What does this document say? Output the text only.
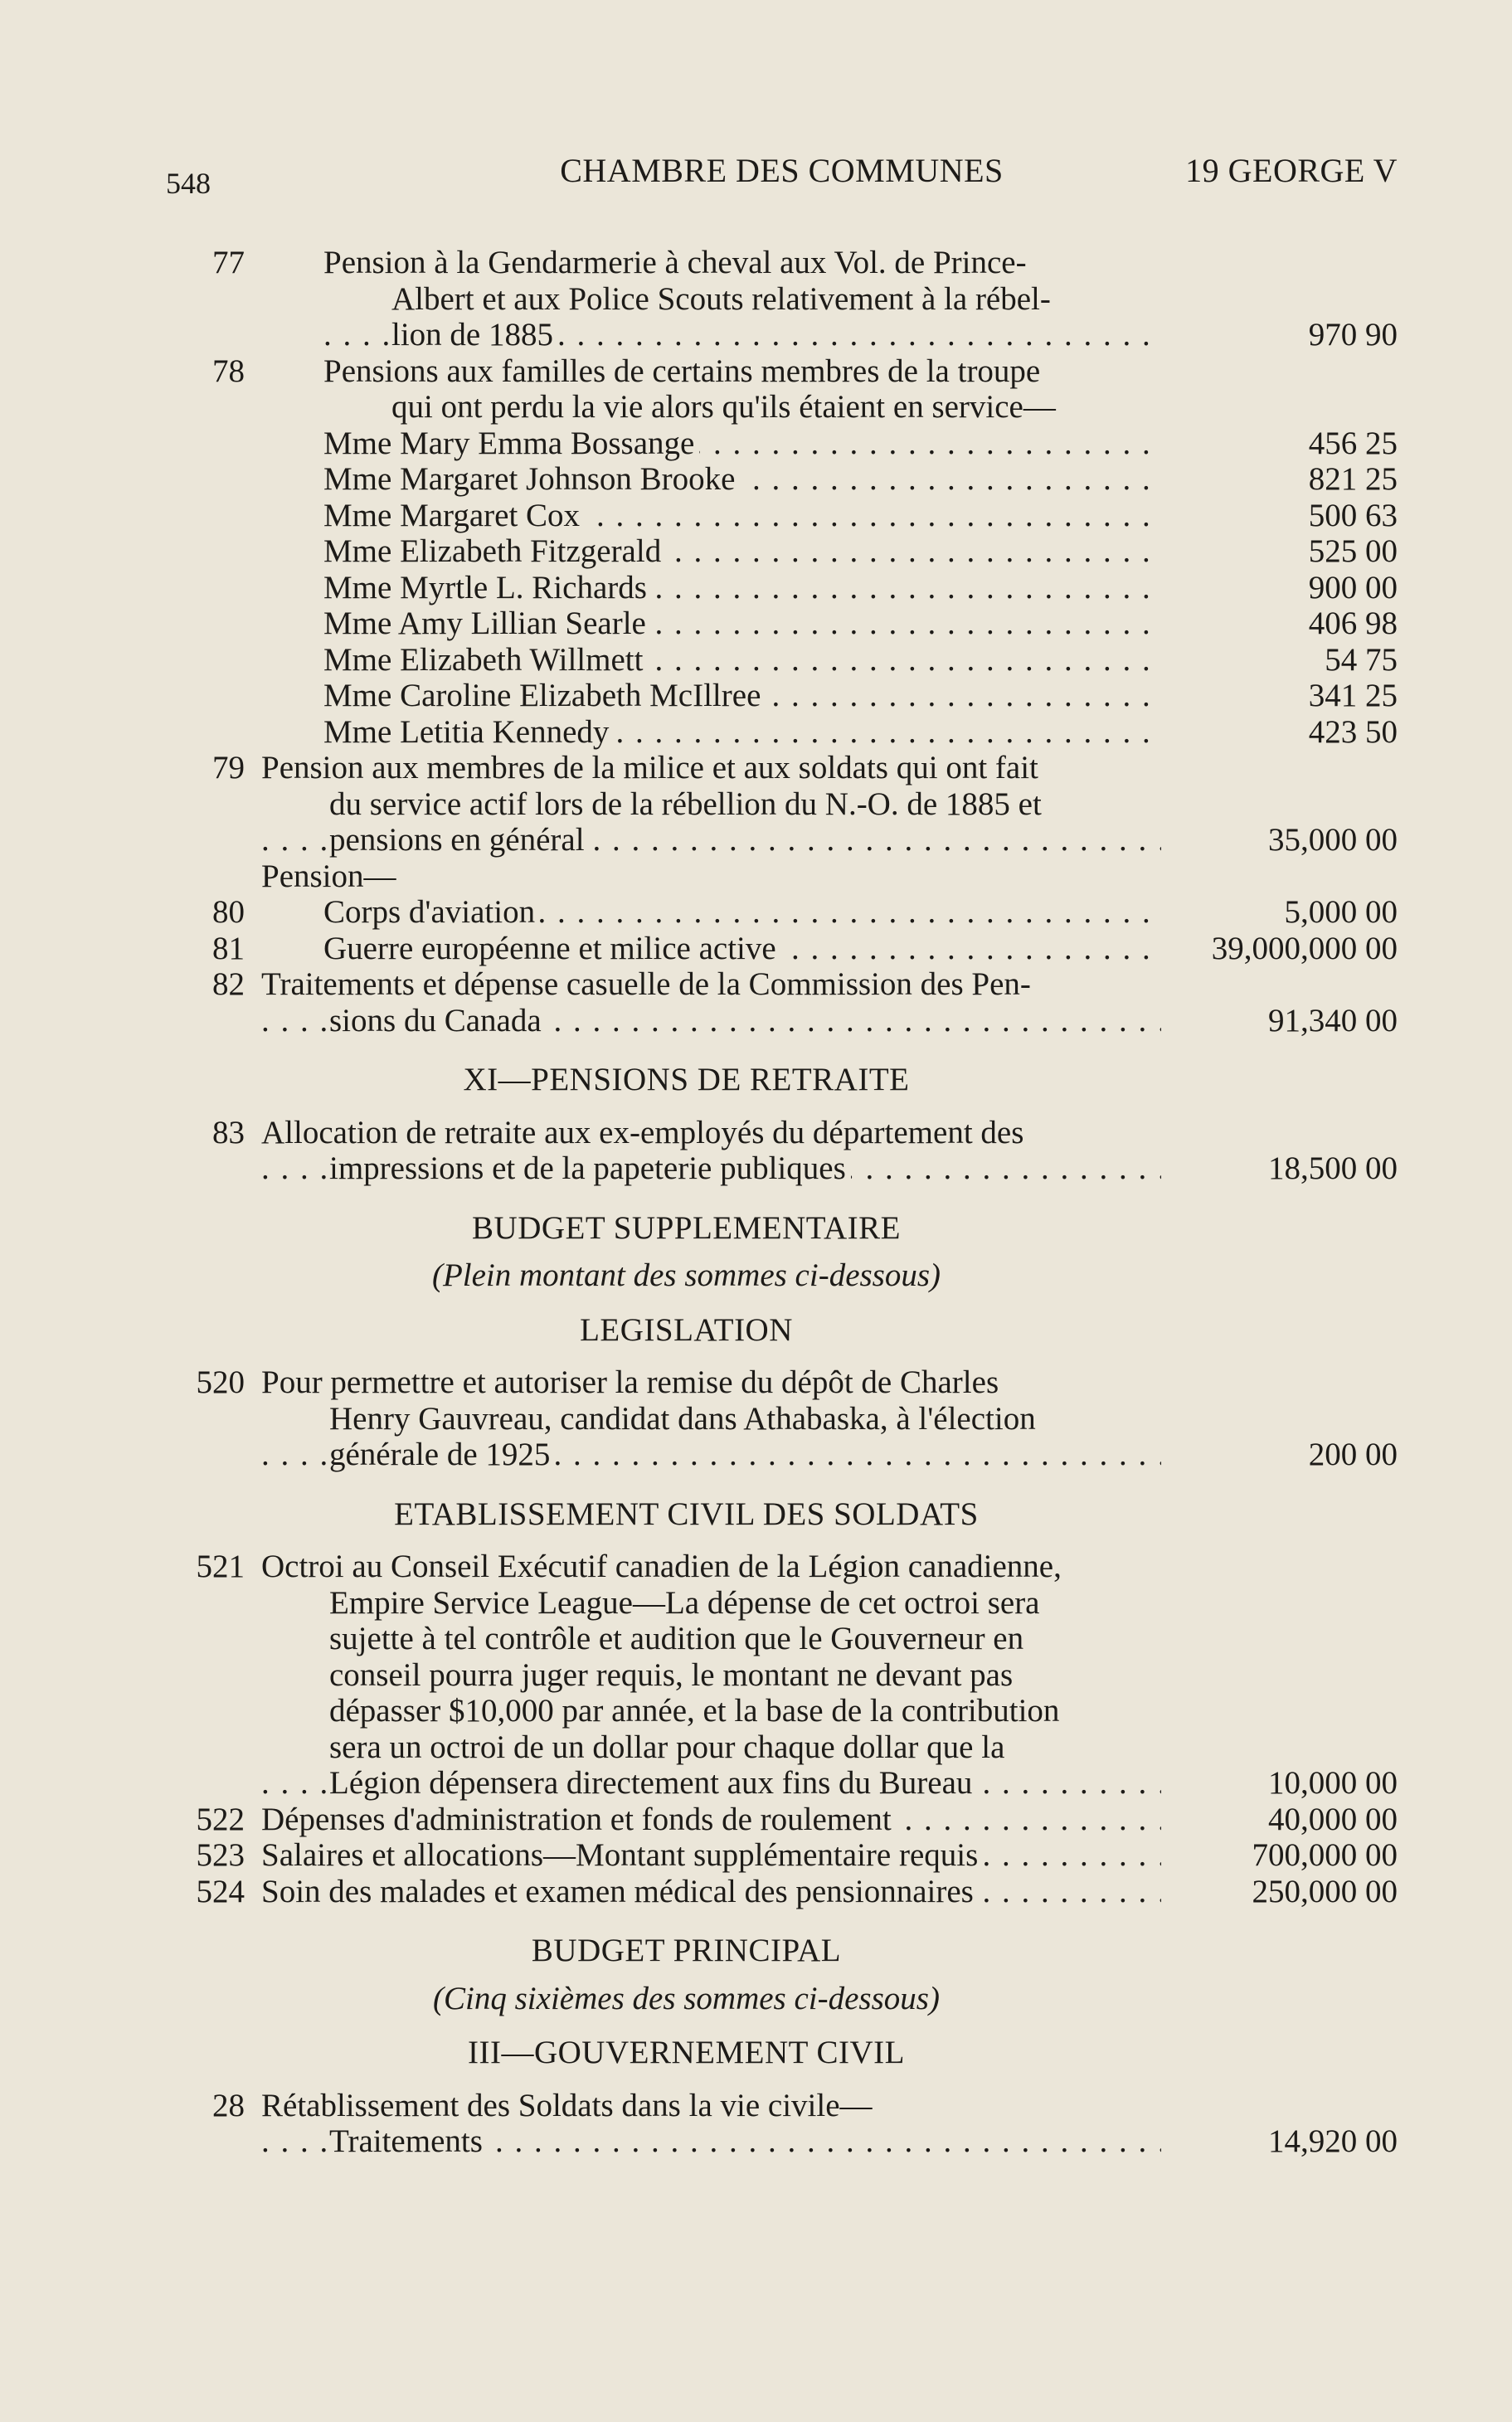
548	CHAMBRE DES COMMUNES	19 GEORGE V
77 Pension à la Gendarmerie à cheval aux Vol. de Prince-
Albert et aux Police Scouts relativement à la rébel-
lion de 1885 . . .	970 90
78 Pensions aux familles de certains membres de la troupe
qui ont perdu la vie alors qu'ils étaient en service—
Mme Mary Emma Bossange . . .	456 25
Mme Margaret Johnson Brooke . . .	821 25
Mme Margaret Cox . . .	500 63
Mme Elizabeth Fitzgerald . . .	525 00
Mme Myrtle L. Richards . . .	900 00
Mme Amy Lillian Searle . . .	406 98
Mme Elizabeth Willmett . . .	54 75
Mme Caroline Elizabeth McIllree . . .	341 25
Mme Letitia Kennedy . . .	423 50
79 Pension aux membres de la milice et aux soldats qui ont fait
du service actif lors de la rébellion du N.-O. de 1885 et
pensions en général . . .	35,000 00
Pension—
80 Corps d'aviation . . .	5,000 00
81 Guerre européenne et milice active . . .	39,000,000 00
82 Traitements et dépense casuelle de la Commission des Pen-
sions du Canada . . .	91,340 00
XI—PENSIONS DE RETRAITE
83 Allocation de retraite aux ex-employés du département des
impressions et de la papeterie publiques . . .	18,500 00
BUDGET SUPPLEMENTAIRE
(Plein montant des sommes ci-dessous)
LEGISLATION
520 Pour permettre et autoriser la remise du dépôt de Charles
Henry Gauvreau, candidat dans Athabaska, à l'élection
générale de 1925 . . .	200 00
ETABLISSEMENT CIVIL DES SOLDATS
521 Octroi au Conseil Exécutif canadien de la Légion canadienne,
Empire Service League—La dépense de cet octroi sera
sujette à tel contrôle et audition que le Gouverneur en
conseil pourra juger requis, le montant ne devant pas
dépasser $10,000 par année, et la base de la contribution
sera un octroi de un dollar pour chaque dollar que la
Légion dépensera directement aux fins du Bureau . . .	10,000 00
522 Dépenses d'administration et fonds de roulement . . .	40,000 00
523 Salaires et allocations—Montant supplémentaire requis . . .	700,000 00
524 Soin des malades et examen médical des pensionnaires . . .	250,000 00
BUDGET PRINCIPAL
(Cinq sixièmes des sommes ci-dessous)
III—GOUVERNEMENT CIVIL
28 Rétablissement des Soldats dans la vie civile—
Traitements . . .	14,920 00
